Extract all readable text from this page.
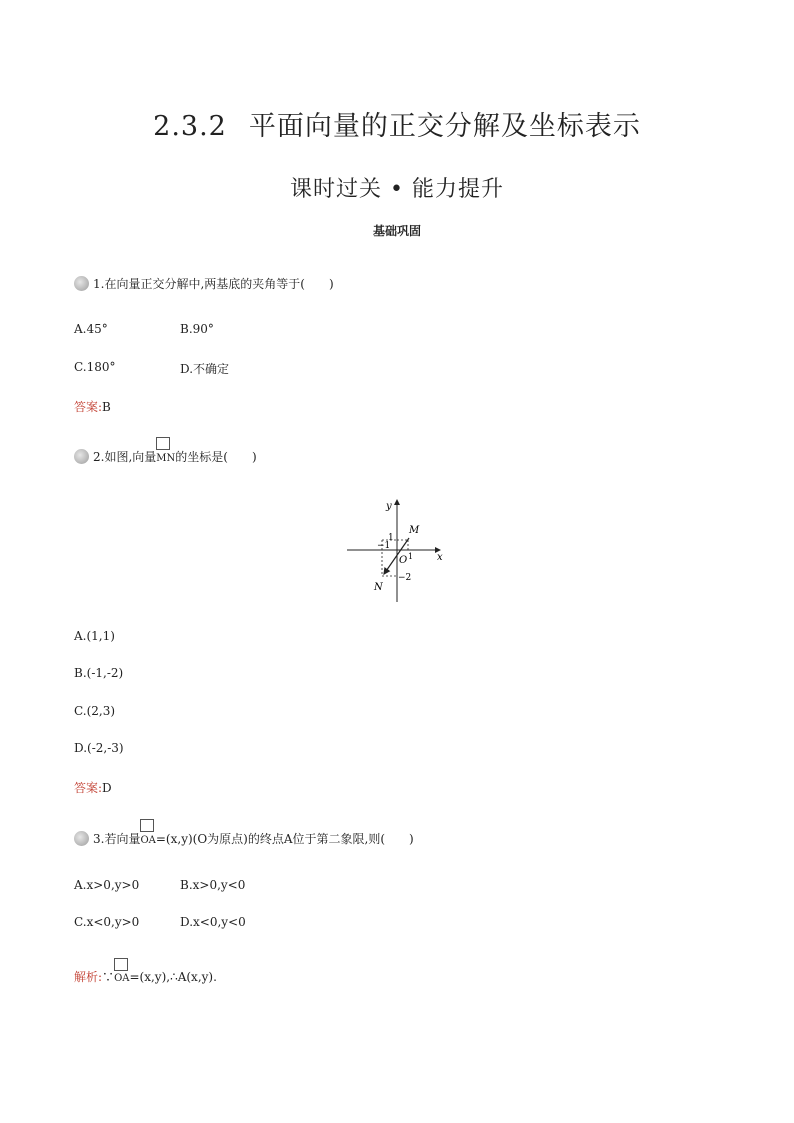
2.3.2 平面向量的正交分解及坐标表示
课时过关 • 能力提升
基础巩固
1.在向量正交分解中,两基底的夹角等于(　　)
A.45°	B.90°
C.180°	D.不确定
答案:B
2.如图,向量
MN的坐标是(　　)
y
x
M
N
O
1
1
−1
−2
A.(1,1)
B.(-1,-2)
C.(2,3)
D.(-2,-3)
答案:D
3.若向量
OA=(x,y)(O为原点)的终点A位于第二象限,则(　　)
A.x>0,y>0	B.x>0,y<0
C.x<0,y>0	D.x<0,y<0
解析:∵
OA=(x,y),∴A(x,y).
